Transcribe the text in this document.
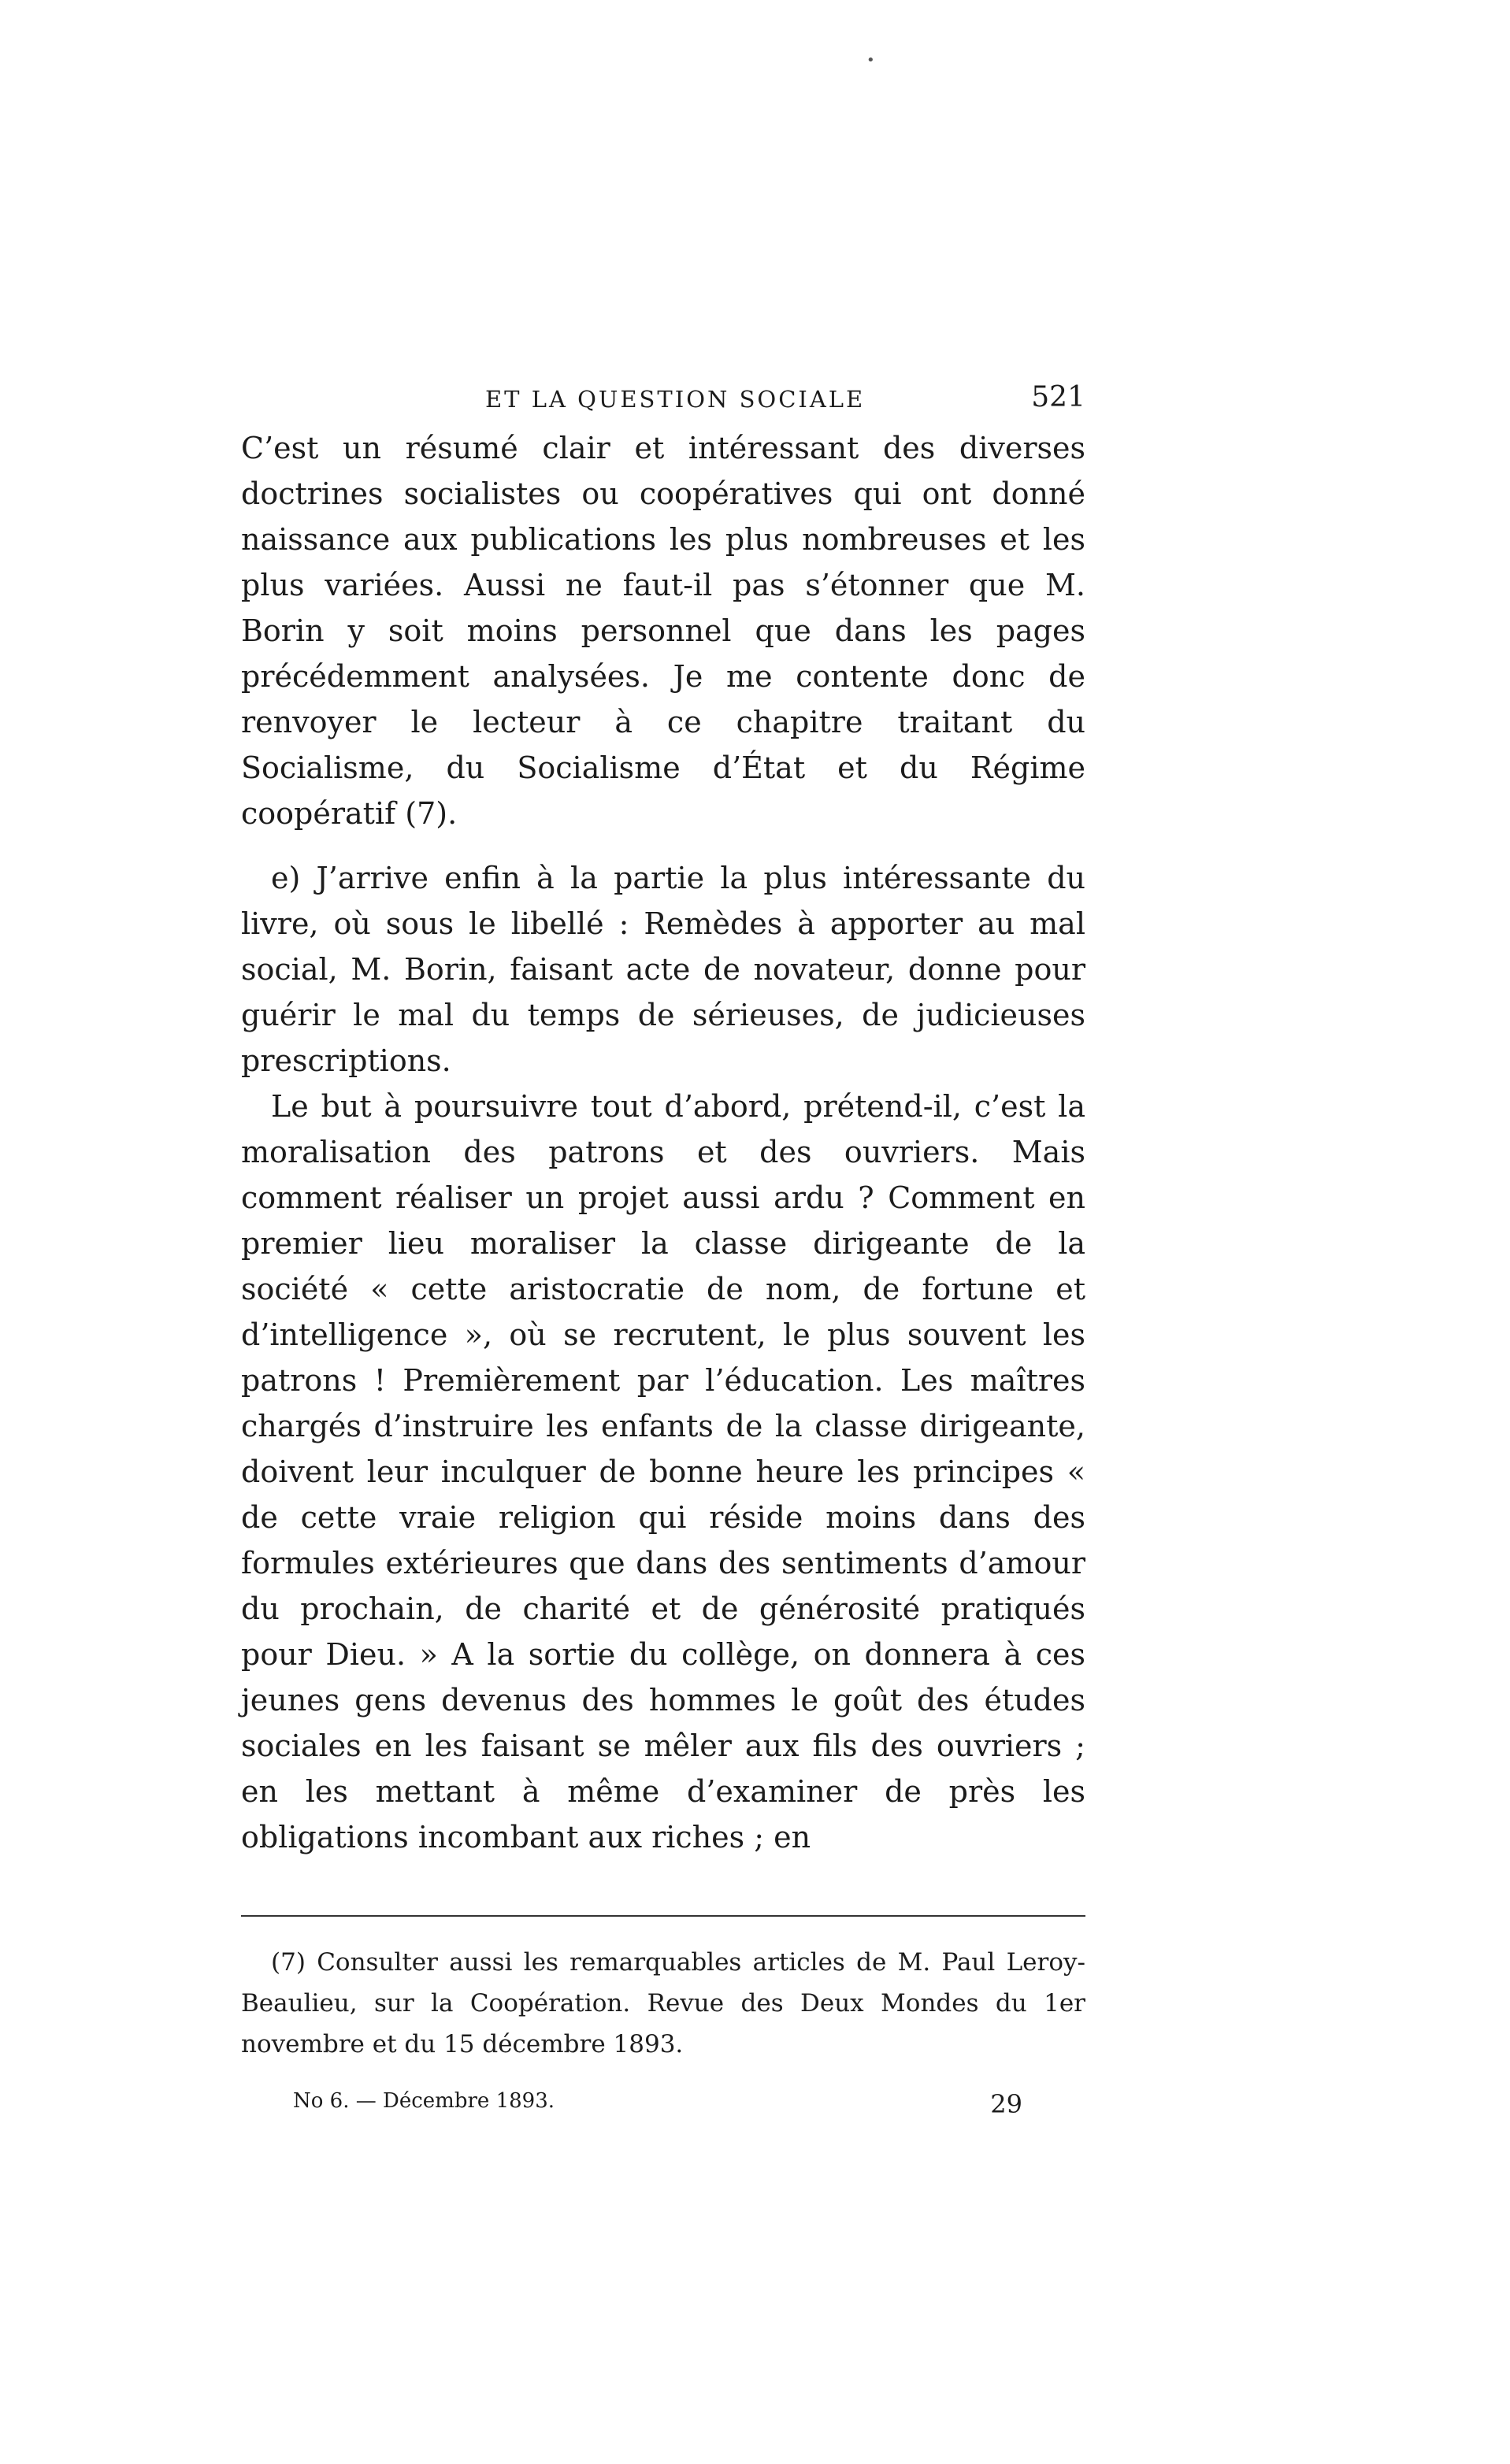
•
ET LA QUESTION SOCIALE	521

C’est un résumé clair et intéressant des diverses doctrines socialistes ou coopératives qui ont donné naissance aux publications les plus nombreuses et les plus variées. Aussi ne faut-il pas s’étonner que M. Borin y soit moins personnel que dans les pages précédemment analysées. Je me contente donc de renvoyer le lecteur à ce chapitre traitant du Socialisme, du Socialisme d’État et du Régime coopératif (7).

e) J’arrive enfin à la partie la plus intéressante du livre, où sous le libellé : Remèdes à apporter au mal social, M. Borin, faisant acte de novateur, donne pour guérir le mal du temps de sérieuses, de judicieuses prescriptions.

Le but à poursuivre tout d’abord, prétend-il, c’est la moralisation des patrons et des ouvriers. Mais comment réaliser un projet aussi ardu ? Comment en premier lieu moraliser la classe dirigeante de la société « cette aristocratie de nom, de fortune et d’intelligence », où se recrutent, le plus souvent les patrons ! Premièrement par l’éducation. Les maîtres chargés d’instruire les enfants de la classe dirigeante, doivent leur inculquer de bonne heure les principes « de cette vraie religion qui réside moins dans des formules extérieures que dans des sentiments d’amour du prochain, de charité et de générosité pratiqués pour Dieu. » A la sortie du collège, on donnera à ces jeunes gens devenus des hommes le goût des études sociales en les faisant se mêler aux fils des ouvriers ; en les mettant à même d’examiner de près les obligations incombant aux riches ; en

(7) Consulter aussi les remarquables articles de M. Paul Leroy-Beaulieu, sur la Coopération. Revue des Deux Mondes du 1er novembre et du 15 décembre 1893.

No 6. — Décembre 1893.	29
